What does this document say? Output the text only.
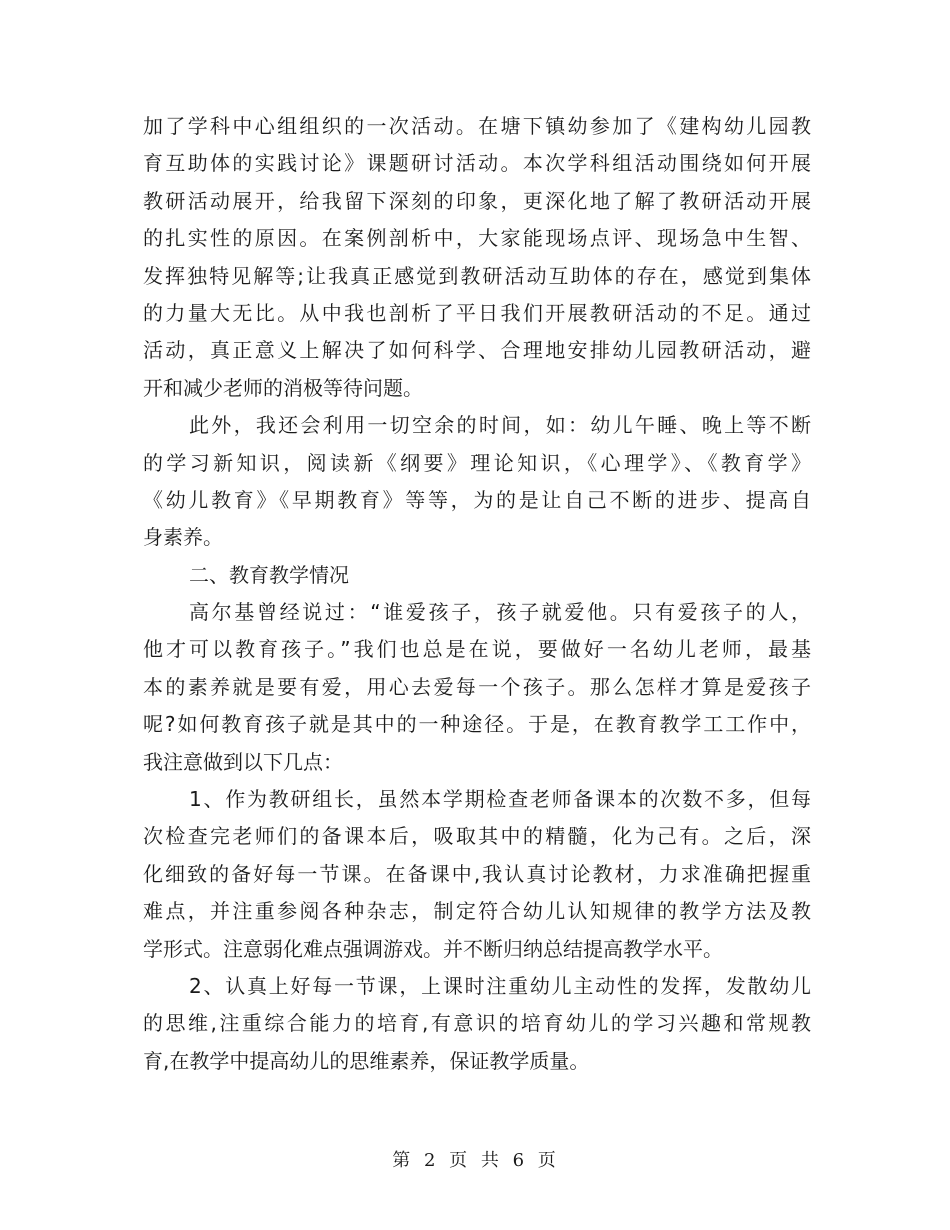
加了学科中心组组织的一次活动。在塘下镇幼参加了《建构幼儿园教
育互助体的实践讨论》课题研讨活动。本次学科组活动围绕如何开展
教研活动展开，给我留下深刻的印象，更深化地了解了教研活动开展
的扎实性的原因。在案例剖析中，大家能现场点评、现场急中生智、
发挥独特见解等;让我真正感觉到教研活动互助体的存在，感觉到集体
的力量大无比。从中我也剖析了平日我们开展教研活动的不足。通过
活动，真正意义上解决了如何科学、合理地安排幼儿园教研活动，避
开和减少老师的消极等待问题。
此外，我还会利用一切空余的时间，如：幼儿午睡、晚上等不断
的学习新知识，阅读新《纲要》理论知识，《心理学》、《教育学》
《幼儿教育》《早期教育》等等，为的是让自己不断的进步、提高自
身素养。
二、教育教学情况
高尔基曾经说过：“谁爱孩子，孩子就爱他。只有爱孩子的人，
他才可以教育孩子。”我们也总是在说，要做好一名幼儿老师，最基
本的素养就是要有爱，用心去爱每一个孩子。那么怎样才算是爱孩子
呢?如何教育孩子就是其中的一种途径。于是，在教育教学工工作中，
我注意做到以下几点：
1、作为教研组长，虽然本学期检查老师备课本的次数不多，但每
次检查完老师们的备课本后，吸取其中的精髓，化为己有。之后，深
化细致的备好每一节课。在备课中,我认真讨论教材，力求准确把握重
难点，并注重参阅各种杂志，制定符合幼儿认知规律的教学方法及教
学形式。注意弱化难点强调游戏。并不断归纳总结提高教学水平。
2、认真上好每一节课，上课时注重幼儿主动性的发挥，发散幼儿
的思维,注重综合能力的培育,有意识的培育幼儿的学习兴趣和常规教
育,在教学中提高幼儿的思维素养，保证教学质量。
第 2 页 共 6 页
